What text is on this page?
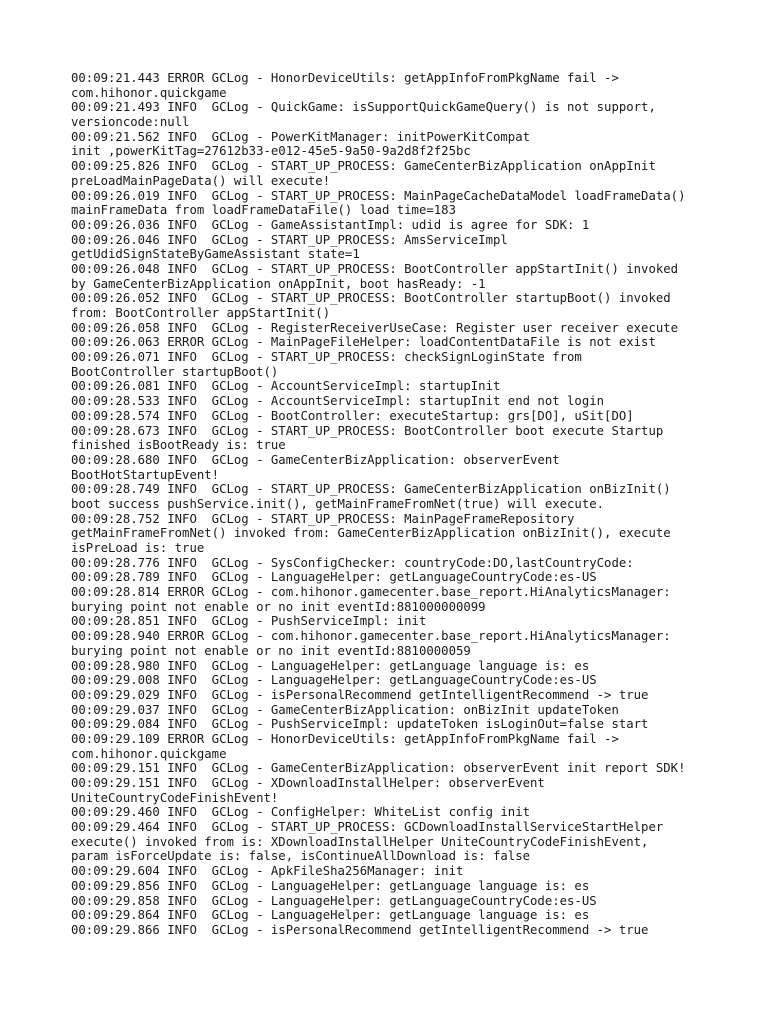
00:09:21.443 ERROR GCLog - HonorDeviceUtils: getAppInfoFromPkgName fail ->
com.hihonor.quickgame
00:09:21.493 INFO  GCLog - QuickGame: isSupportQuickGameQuery() is not support,
versioncode:null
00:09:21.562 INFO  GCLog - PowerKitManager: initPowerKitCompat
init ,powerKitTag=27612b33-e012-45e5-9a50-9a2d8f2f25bc
00:09:25.826 INFO  GCLog - START_UP_PROCESS: GameCenterBizApplication onAppInit
preLoadMainPageData() will execute!
00:09:26.019 INFO  GCLog - START_UP_PROCESS: MainPageCacheDataModel loadFrameData()
mainFrameData from loadFrameDataFile() load time=183
00:09:26.036 INFO  GCLog - GameAssistantImpl: udid is agree for SDK: 1
00:09:26.046 INFO  GCLog - START_UP_PROCESS: AmsServiceImpl
getUdidSignStateByGameAssistant state=1
00:09:26.048 INFO  GCLog - START_UP_PROCESS: BootController appStartInit() invoked
by GameCenterBizApplication onAppInit, boot hasReady: -1
00:09:26.052 INFO  GCLog - START_UP_PROCESS: BootController startupBoot() invoked
from: BootController appStartInit()
00:09:26.058 INFO  GCLog - RegisterReceiverUseCase: Register user receiver execute
00:09:26.063 ERROR GCLog - MainPageFileHelper: loadContentDataFile is not exist
00:09:26.071 INFO  GCLog - START_UP_PROCESS: checkSignLoginState from
BootController startupBoot()
00:09:26.081 INFO  GCLog - AccountServiceImpl: startupInit
00:09:28.533 INFO  GCLog - AccountServiceImpl: startupInit end not login
00:09:28.574 INFO  GCLog - BootController: executeStartup: grs[DO], uSit[DO]
00:09:28.673 INFO  GCLog - START_UP_PROCESS: BootController boot execute Startup
finished isBootReady is: true
00:09:28.680 INFO  GCLog - GameCenterBizApplication: observerEvent
BootHotStartupEvent!
00:09:28.749 INFO  GCLog - START_UP_PROCESS: GameCenterBizApplication onBizInit()
boot success pushService.init(), getMainFrameFromNet(true) will execute.
00:09:28.752 INFO  GCLog - START_UP_PROCESS: MainPageFrameRepository
getMainFrameFromNet() invoked from: GameCenterBizApplication onBizInit(), execute
isPreLoad is: true
00:09:28.776 INFO  GCLog - SysConfigChecker: countryCode:DO,lastCountryCode:
00:09:28.789 INFO  GCLog - LanguageHelper: getLanguageCountryCode:es-US
00:09:28.814 ERROR GCLog - com.hihonor.gamecenter.base_report.HiAnalyticsManager:
burying point not enable or no init eventId:881000000099
00:09:28.851 INFO  GCLog - PushServiceImpl: init
00:09:28.940 ERROR GCLog - com.hihonor.gamecenter.base_report.HiAnalyticsManager:
burying point not enable or no init eventId:8810000059
00:09:28.980 INFO  GCLog - LanguageHelper: getLanguage language is: es
00:09:29.008 INFO  GCLog - LanguageHelper: getLanguageCountryCode:es-US
00:09:29.029 INFO  GCLog - isPersonalRecommend getIntelligentRecommend -> true
00:09:29.037 INFO  GCLog - GameCenterBizApplication: onBizInit updateToken
00:09:29.084 INFO  GCLog - PushServiceImpl: updateToken isLoginOut=false start
00:09:29.109 ERROR GCLog - HonorDeviceUtils: getAppInfoFromPkgName fail ->
com.hihonor.quickgame
00:09:29.151 INFO  GCLog - GameCenterBizApplication: observerEvent init report SDK!
00:09:29.151 INFO  GCLog - XDownloadInstallHelper: observerEvent
UniteCountryCodeFinishEvent!
00:09:29.460 INFO  GCLog - ConfigHelper: WhiteList config init
00:09:29.464 INFO  GCLog - START_UP_PROCESS: GCDownloadInstallServiceStartHelper
execute() invoked from is: XDownloadInstallHelper UniteCountryCodeFinishEvent,
param isForceUpdate is: false, isContinueAllDownload is: false
00:09:29.604 INFO  GCLog - ApkFileSha256Manager: init
00:09:29.856 INFO  GCLog - LanguageHelper: getLanguage language is: es
00:09:29.858 INFO  GCLog - LanguageHelper: getLanguageCountryCode:es-US
00:09:29.864 INFO  GCLog - LanguageHelper: getLanguage language is: es
00:09:29.866 INFO  GCLog - isPersonalRecommend getIntelligentRecommend -> true
